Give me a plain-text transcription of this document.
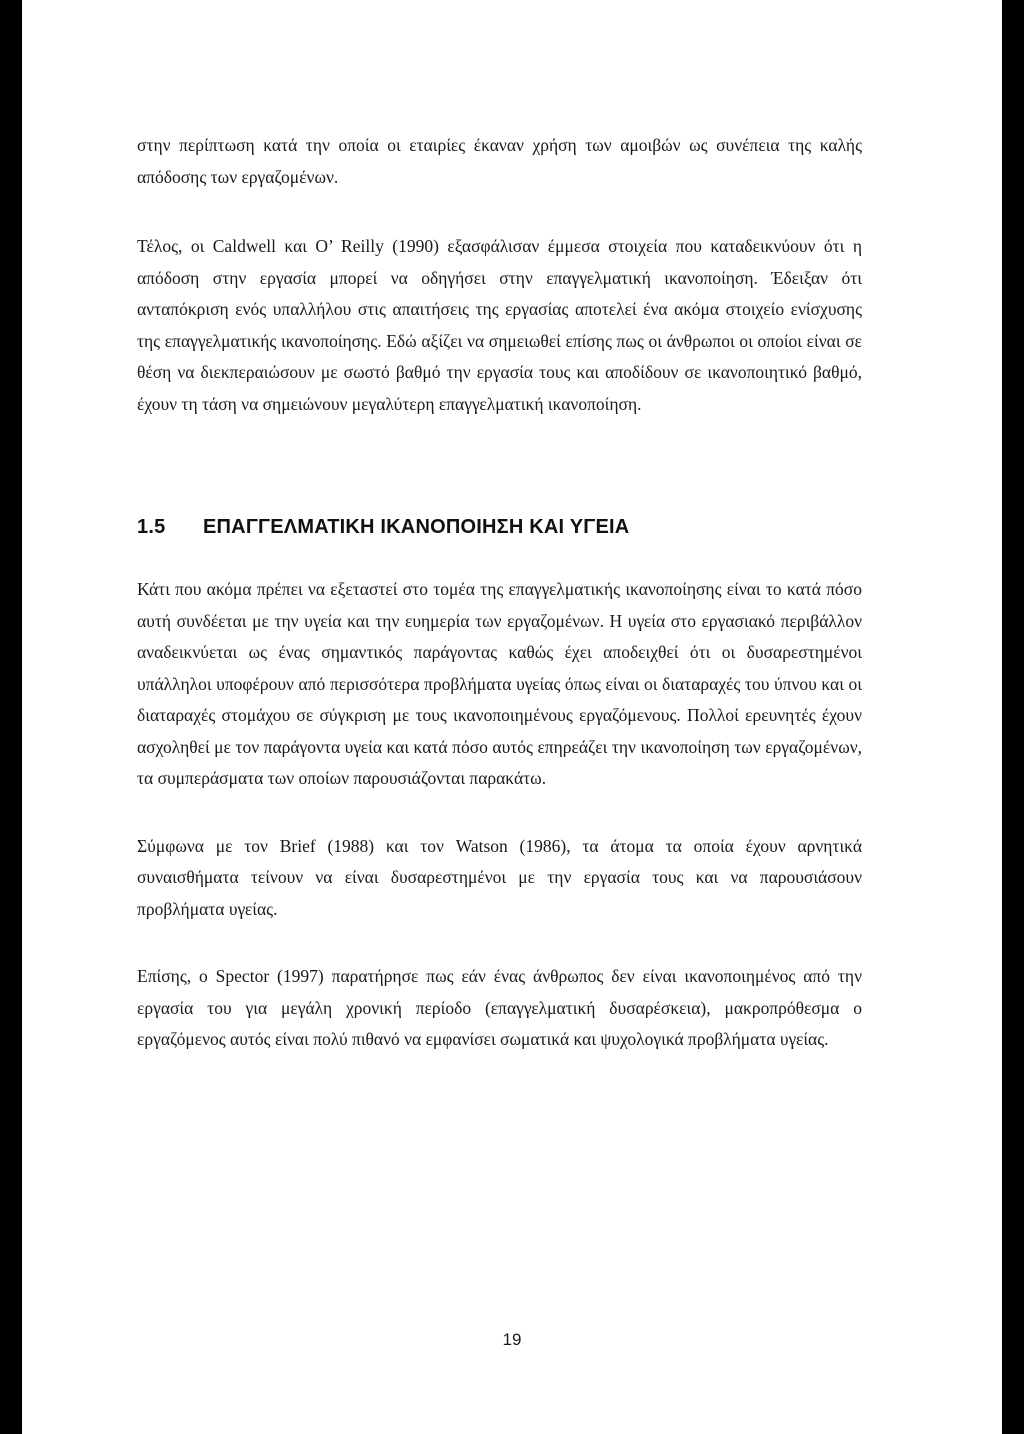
στην περίπτωση κατά την οποία οι εταιρίες έκαναν χρήση των αμοιβών ως συνέπεια της καλής απόδοσης των εργαζομένων.

Τέλος, οι Caldwell και Ο’ Reilly (1990) εξασφάλισαν έμμεσα στοιχεία που καταδεικνύουν ότι η απόδοση στην εργασία μπορεί να οδηγήσει στην επαγγελματική ικανοποίηση. Έδειξαν ότι ανταπόκριση ενός υπαλλήλου στις απαιτήσεις της εργασίας αποτελεί ένα ακόμα στοιχείο ενίσχυσης της επαγγελματικής ικανοποίησης. Εδώ αξίζει να σημειωθεί επίσης πως οι άνθρωποι οι οποίοι είναι σε θέση να διεκπεραιώσουν με σωστό βαθμό την εργασία τους και αποδίδουν σε ικανοποιητικό βαθμό, έχουν τη τάση να σημειώνουν μεγαλύτερη επαγγελματική ικανοποίηση.

1.5 ΕΠΑΓΓΕΛΜΑΤΙΚΗ ΙΚΑΝΟΠΟΙΗΣΗ ΚΑΙ ΥΓΕΙΑ

Κάτι που ακόμα πρέπει να εξεταστεί στο τομέα της επαγγελματικής ικανοποίησης είναι το κατά πόσο αυτή συνδέεται με την υγεία και την ευημερία των εργαζομένων. Η υγεία στο εργασιακό περιβάλλον αναδεικνύεται ως ένας σημαντικός παράγοντας καθώς έχει αποδειχθεί ότι οι δυσαρεστημένοι υπάλληλοι υποφέρουν από περισσότερα προβλήματα υγείας όπως είναι οι διαταραχές του ύπνου και οι διαταραχές στομάχου σε σύγκριση με τους ικανοποιημένους εργαζόμενους. Πολλοί ερευνητές έχουν ασχοληθεί με τον παράγοντα υγεία και κατά πόσο αυτός επηρεάζει την ικανοποίηση των εργαζομένων, τα συμπεράσματα των οποίων παρουσιάζονται παρακάτω.

Σύμφωνα με τον Brief (1988) και τον Watson (1986), τα άτομα τα οποία έχουν αρνητικά συναισθήματα τείνουν να είναι δυσαρεστημένοι με την εργασία τους και να παρουσιάσουν προβλήματα υγείας.

Επίσης, ο Spector (1997) παρατήρησε πως εάν ένας άνθρωπος δεν είναι ικανοποιημένος από την εργασία του για μεγάλη χρονική περίοδο (επαγγελματική δυσαρέσκεια), μακροπρόθεσμα ο εργαζόμενος αυτός είναι πολύ πιθανό να εμφανίσει σωματικά και ψυχολογικά προβλήματα υγείας.

19
